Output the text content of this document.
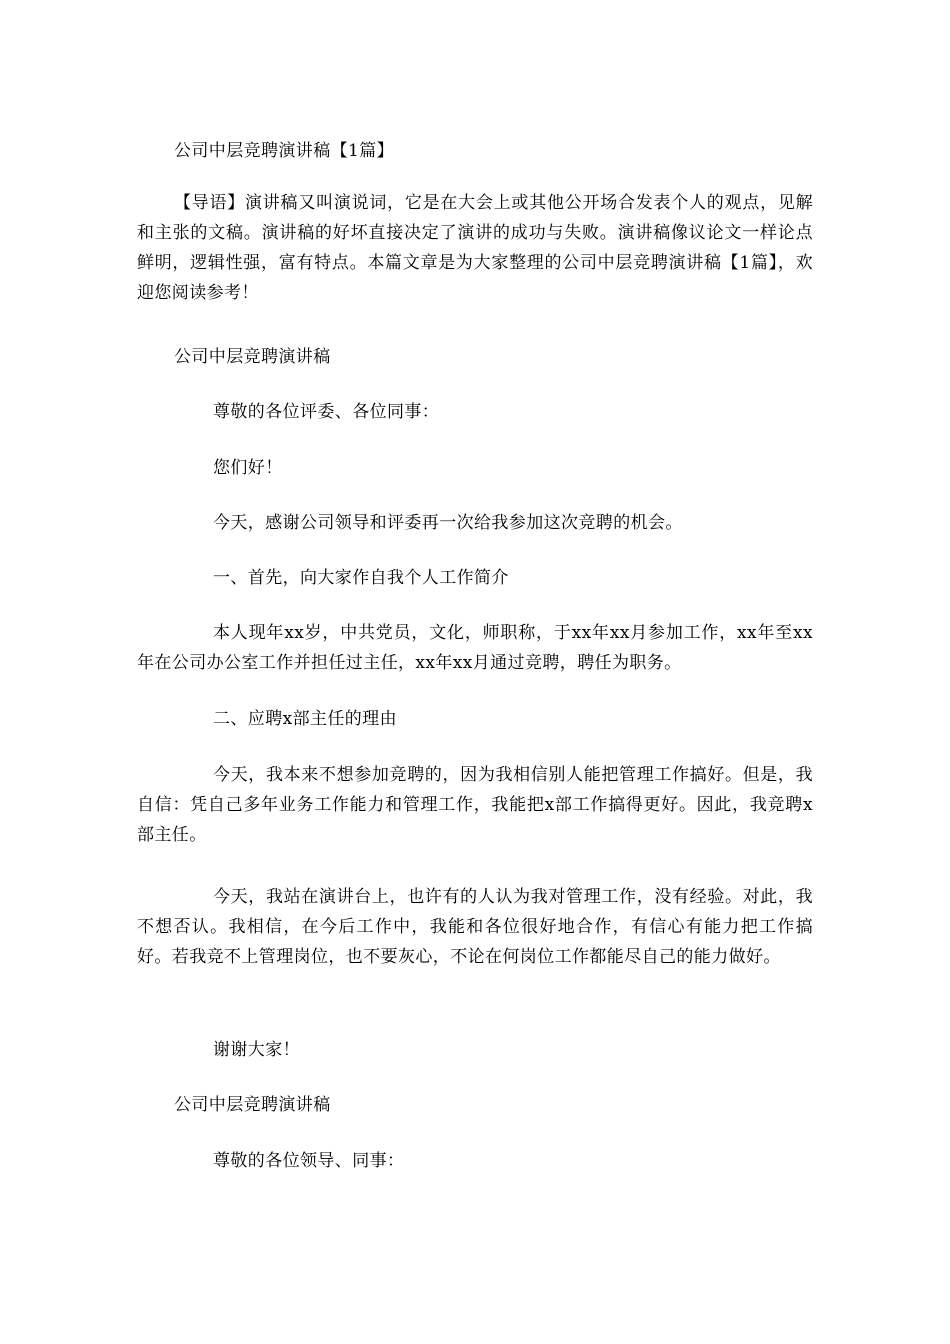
公司中层竞聘演讲稿【1篇】

【导语】演讲稿又叫演说词，它是在大会上或其他公开场合发表个人的观点，见解和主张的文稿。演讲稿的好坏直接决定了演讲的成功与失败。演讲稿像议论文一样论点鲜明，逻辑性强，富有特点。本篇文章是为大家整理的公司中层竞聘演讲稿【1篇】，欢迎您阅读参考！

公司中层竞聘演讲稿

尊敬的各位评委、各位同事：

您们好！

今天，感谢公司领导和评委再一次给我参加这次竞聘的机会。

一、首先，向大家作自我个人工作简介

本人现年xx岁，中共党员，文化，师职称，于xx年xx月参加工作，xx年至xx年在公司办公室工作并担任过主任，xx年xx月通过竞聘，聘任为职务。

二、应聘x部主任的理由

今天，我本来不想参加竞聘的，因为我相信别人能把管理工作搞好。但是，我自信：凭自己多年业务工作能力和管理工作，我能把x部工作搞得更好。因此，我竞聘x部主任。

今天，我站在演讲台上，也许有的人认为我对管理工作，没有经验。对此，我不想否认。我相信，在今后工作中，我能和各位很好地合作，有信心有能力把工作搞好。若我竞不上管理岗位，也不要灰心，不论在何岗位工作都能尽自己的能力做好。

谢谢大家！

公司中层竞聘演讲稿

尊敬的各位领导、同事：
